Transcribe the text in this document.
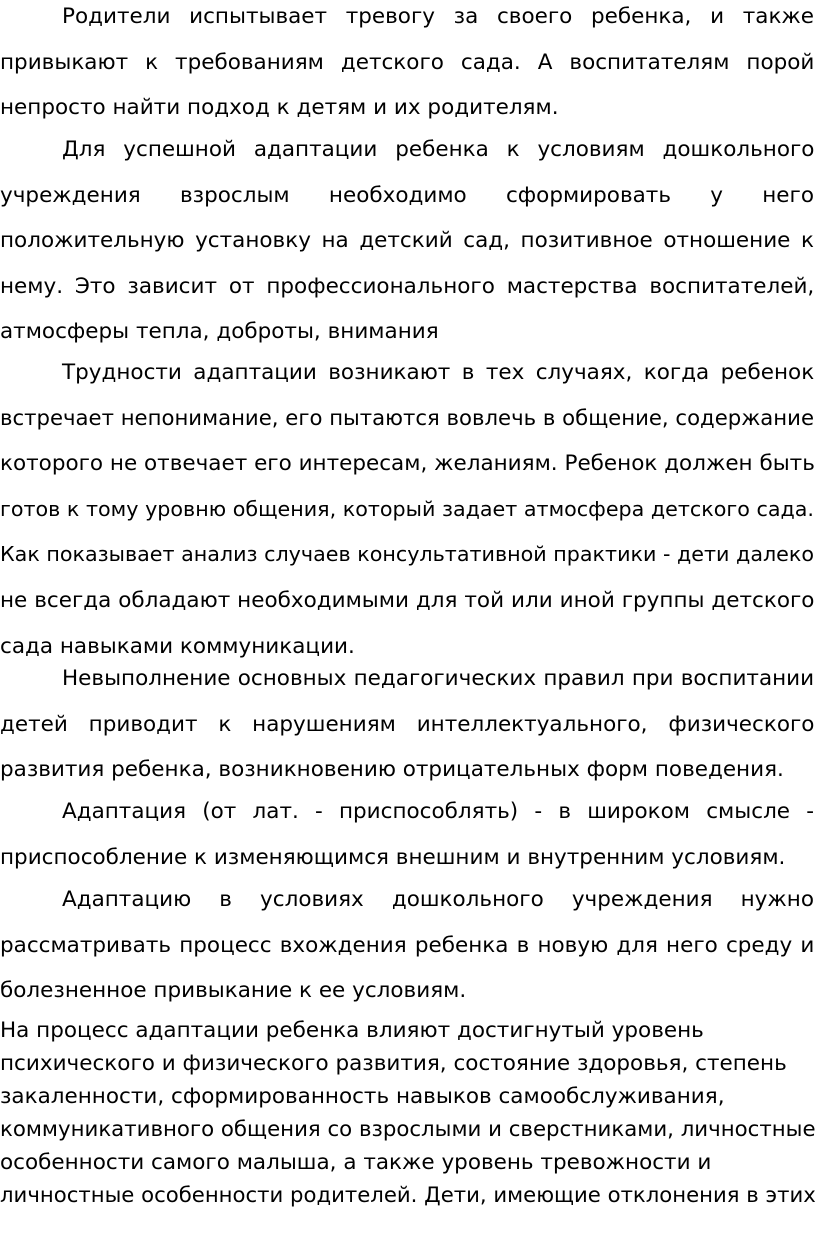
Родители испытывает тревогу за своего ребенка, и также
привыкают к требованиям детского сада. А воспитателям порой
непросто найти подход к детям и их родителям.
Для успешной адаптации ребенка к условиям дошкольного
учреждения взрослым необходимо сформировать у него
положительную установку на детский сад, позитивное отношение к
нему. Это зависит от профессионального мастерства воспитателей,
атмосферы тепла, доброты, внимания
Трудности адаптации возникают в тех случаях, когда ребенок
встречает непонимание, его пытаются вовлечь в общение, содержание
которого не отвечает его интересам, желаниям. Ребенок должен быть
готов к тому уровню общения, который задает атмосфера детского сада.
Как показывает анализ случаев консультативной практики - дети далеко
не всегда обладают необходимыми для той или иной группы детского
сада навыками коммуникации.
Невыполнение основных педагогических правил при воспитании
детей приводит к нарушениям интеллектуального, физического
развития ребенка, возникновению отрицательных форм поведения.
Адаптация (от лат. - приспособлять) - в широком смысле -
приспособление к изменяющимся внешним и внутренним условиям.
Адаптацию в условиях дошкольного учреждения нужно
рассматривать процесс вхождения ребенка в новую для него среду и
болезненное привыкание к ее условиям.
На процесс адаптации ребенка влияют достигнутый уровень
психического и физического развития, состояние здоровья, степень
закаленности, сформированность навыков самообслуживания,
коммуникативного общения со взрослыми и сверстниками, личностные
особенности самого малыша, а также уровень тревожности и
личностные особенности родителей. Дети, имеющие отклонения в этих
